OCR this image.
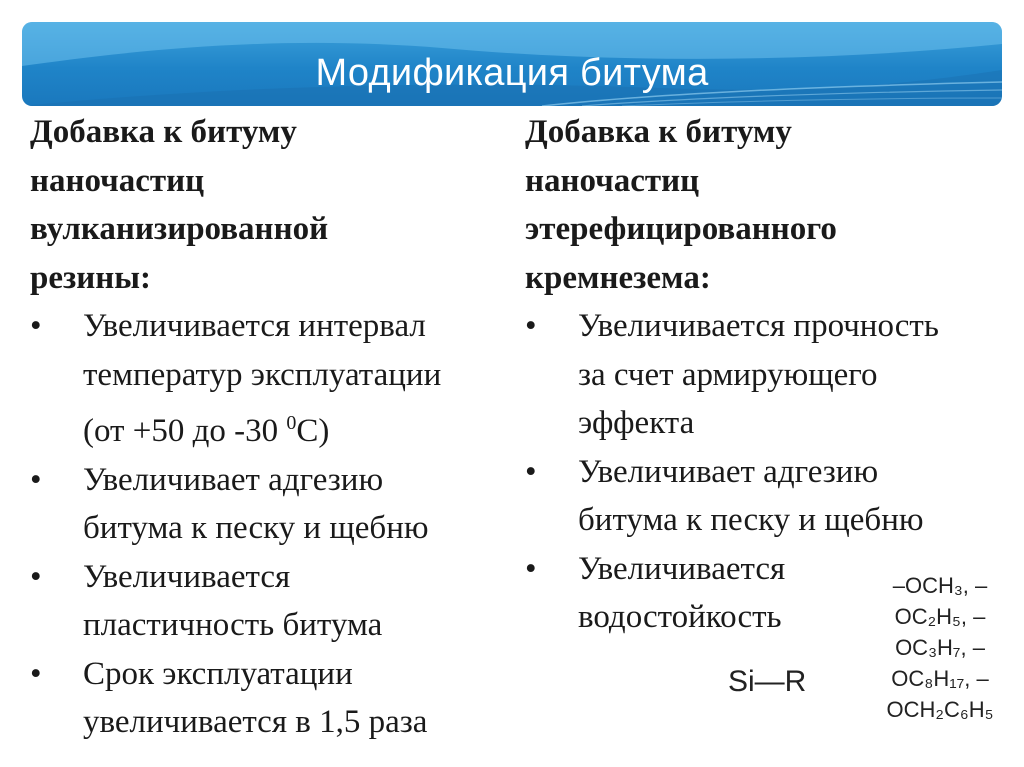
Модификация битума
Добавка к битуму
наночастиц
вулканизированной
резины:
•	Увеличивается интервал
температур эксплуатации
(от +50 до -30 $^0$С)
•	Увеличивает адгезию
битума к песку и щебню
•	Увеличивается
пластичность битума
•	Срок эксплуатации
увеличивается в 1,5 раза
Добавка к битуму
наночастиц
этерефицированного
кремнезема:
•	Увеличивается прочность
за счет армирующего
эффекта
•	Увеличивает адгезию
битума к песку и щебню
•	Увеличивается
водостойкость
Si—R
–OCH₃, –
OC₂H₅, –
OC₃H₇, –
OC₈H₁₇, –
OCH₂C₆H₅
